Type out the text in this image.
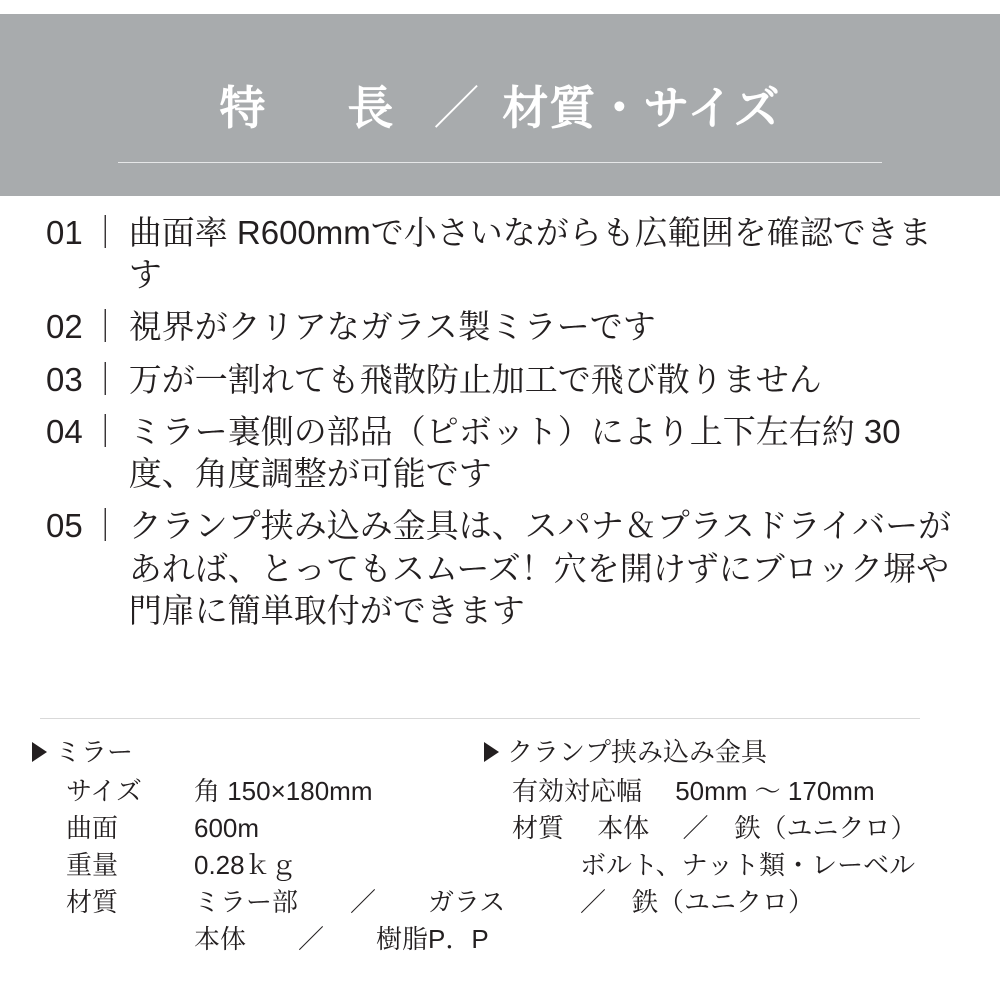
特　長 ／ 材質・サイズ
01 ｜ 曲面率 R600mmで小さいながらも広範囲を確認できます
02 ｜ 視界がクリアなガラス製ミラーです
03 ｜ 万が一割れても飛散防止加工で飛び散りません
04 ｜ ミラー裏側の部品（ピボット）により上下左右約 30 度、角度調整が可能です
05 ｜ クランプ挟み込み金具は、スパナ＆プラスドライバーがあれば、とってもスムーズ！穴を開けずにブロック塀や門扉に簡単取付ができます
ミラー
サイズ	角 150×180mm
曲面	600m
重量	0.28ｋｇ
材質	ミラー部　　／　　ガラス
本体　　／　　樹脂P．P
クランプ挟み込み金具
有効対応幅　 50mm 〜 170mm
材質　 本体　 ／　鉄（ユニクロ）
ボルト、ナット類・レーベル
／　鉄（ユニクロ）
